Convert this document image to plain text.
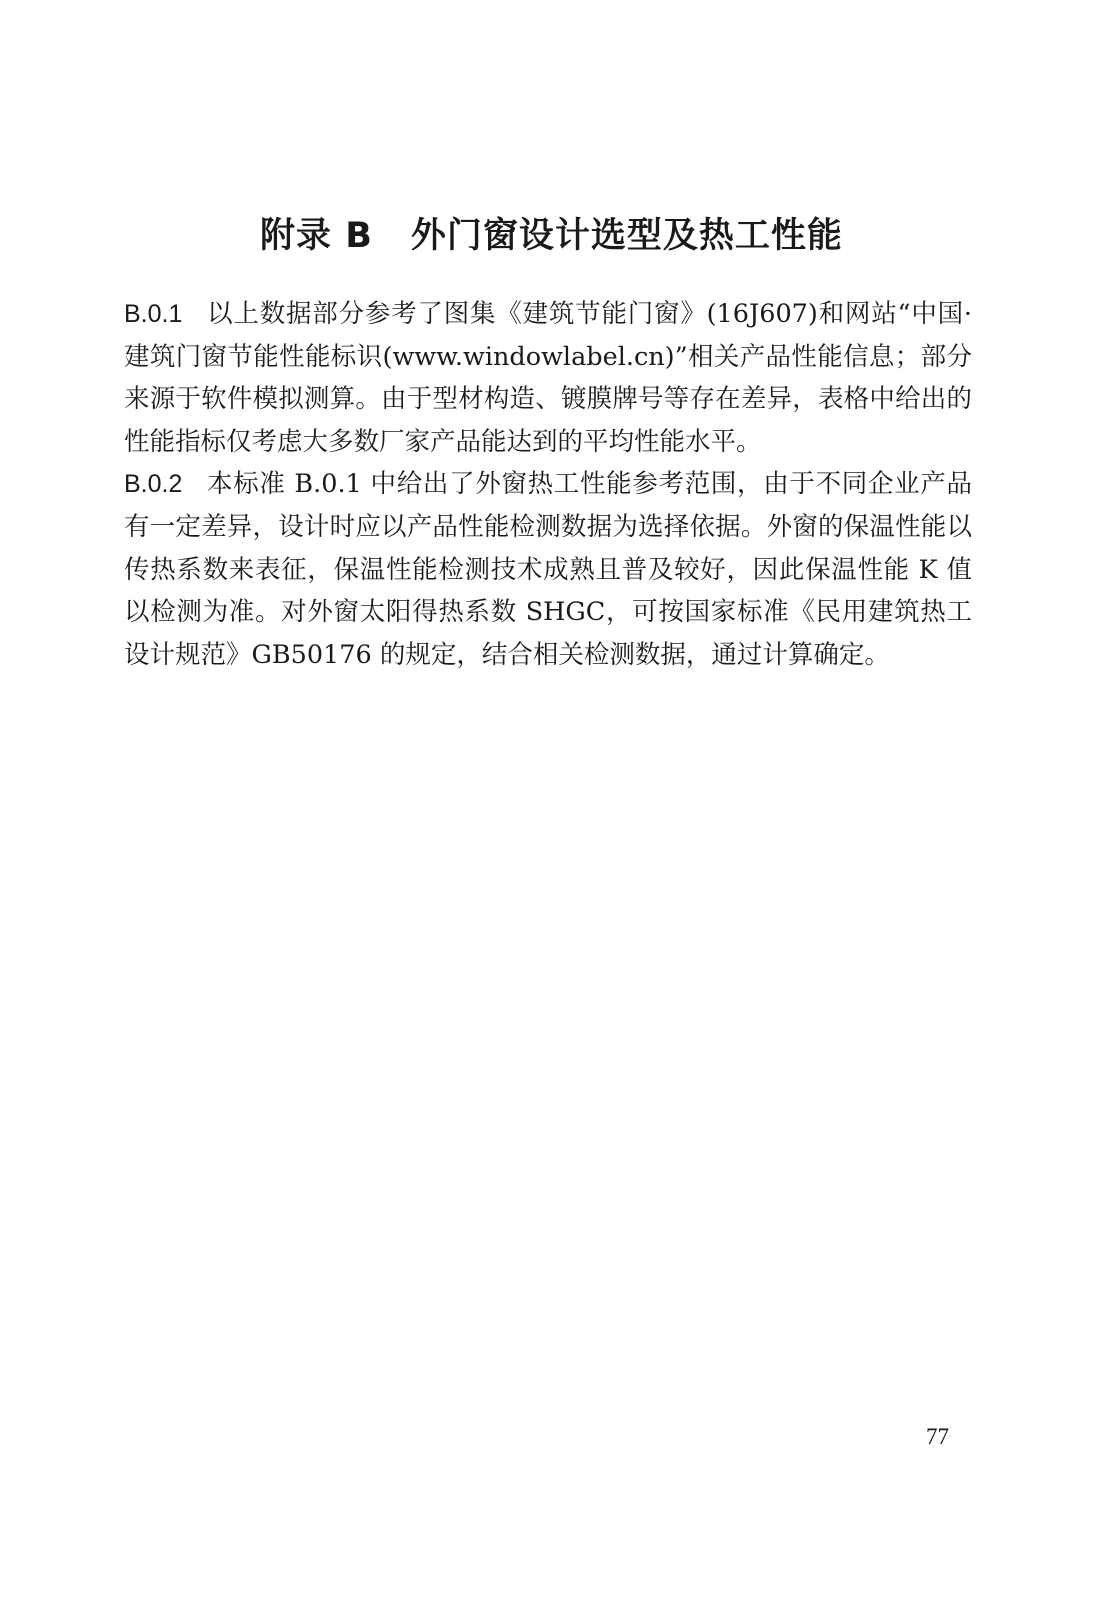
附录 B 外门窗设计选型及热工性能

B.0.1 以上数据部分参考了图集《建筑节能门窗》(16J607)和网站“中国·建筑门窗节能性能标识(www.windowlabel.cn)”相关产品性能信息；部分来源于软件模拟测算。由于型材构造、镀膜牌号等存在差异，表格中给出的性能指标仅考虑大多数厂家产品能达到的平均性能水平。

B.0.2 本标准 B.0.1 中给出了外窗热工性能参考范围，由于不同企业产品有一定差异，设计时应以产品性能检测数据为选择依据。外窗的保温性能以传热系数来表征，保温性能检测技术成熟且普及较好，因此保温性能 K 值以检测为准。对外窗太阳得热系数 SHGC，可按国家标准《民用建筑热工设计规范》GB50176 的规定，结合相关检测数据，通过计算确定。

77
